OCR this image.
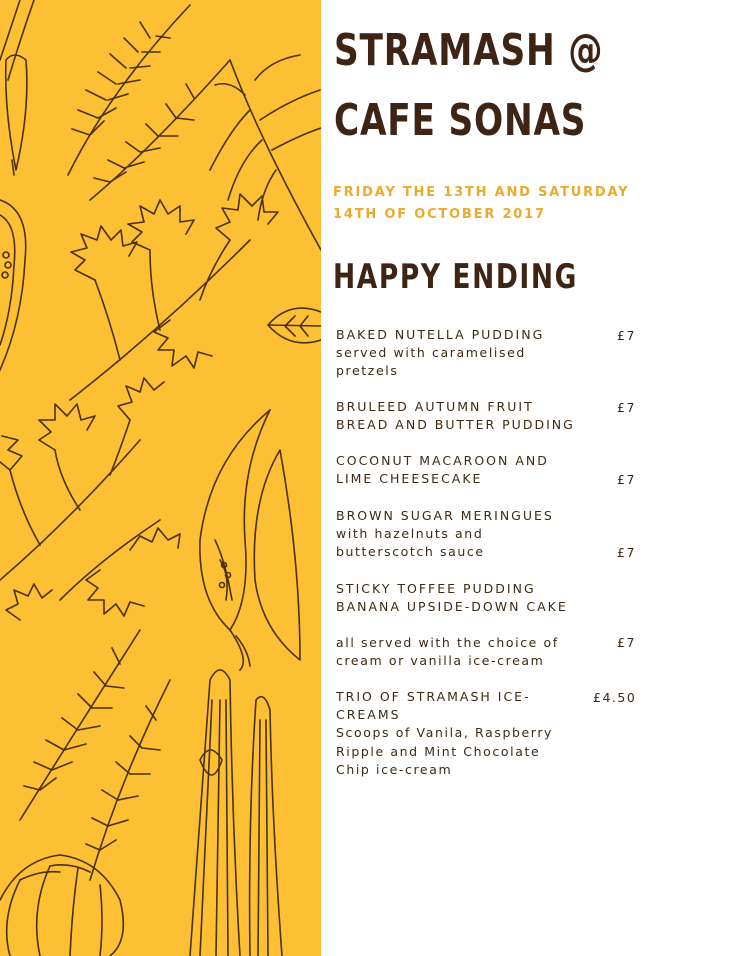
STRAMASH @
CAFE SONAS
FRIDAY THE 13TH AND SATURDAY
14TH OF OCTOBER 2017
HAPPY ENDING
BAKED NUTELLA PUDDING
served with caramelised
pretzels
£7
BRULEED AUTUMN FRUIT
BREAD AND BUTTER PUDDING
£7
COCONUT MACAROON AND
LIME CHEESECAKE	£7
BROWN SUGAR MERINGUES
with hazelnuts and
butterscotch sauce	£7
STICKY TOFFEE PUDDING
BANANA UPSIDE-DOWN CAKE
all served with the choice of
cream or vanilla ice-cream
£7
TRIO OF STRAMASH ICE-
CREAMS
Scoops of Vanila, Raspberry
Ripple and Mint Chocolate
Chip ice-cream
£4.50
